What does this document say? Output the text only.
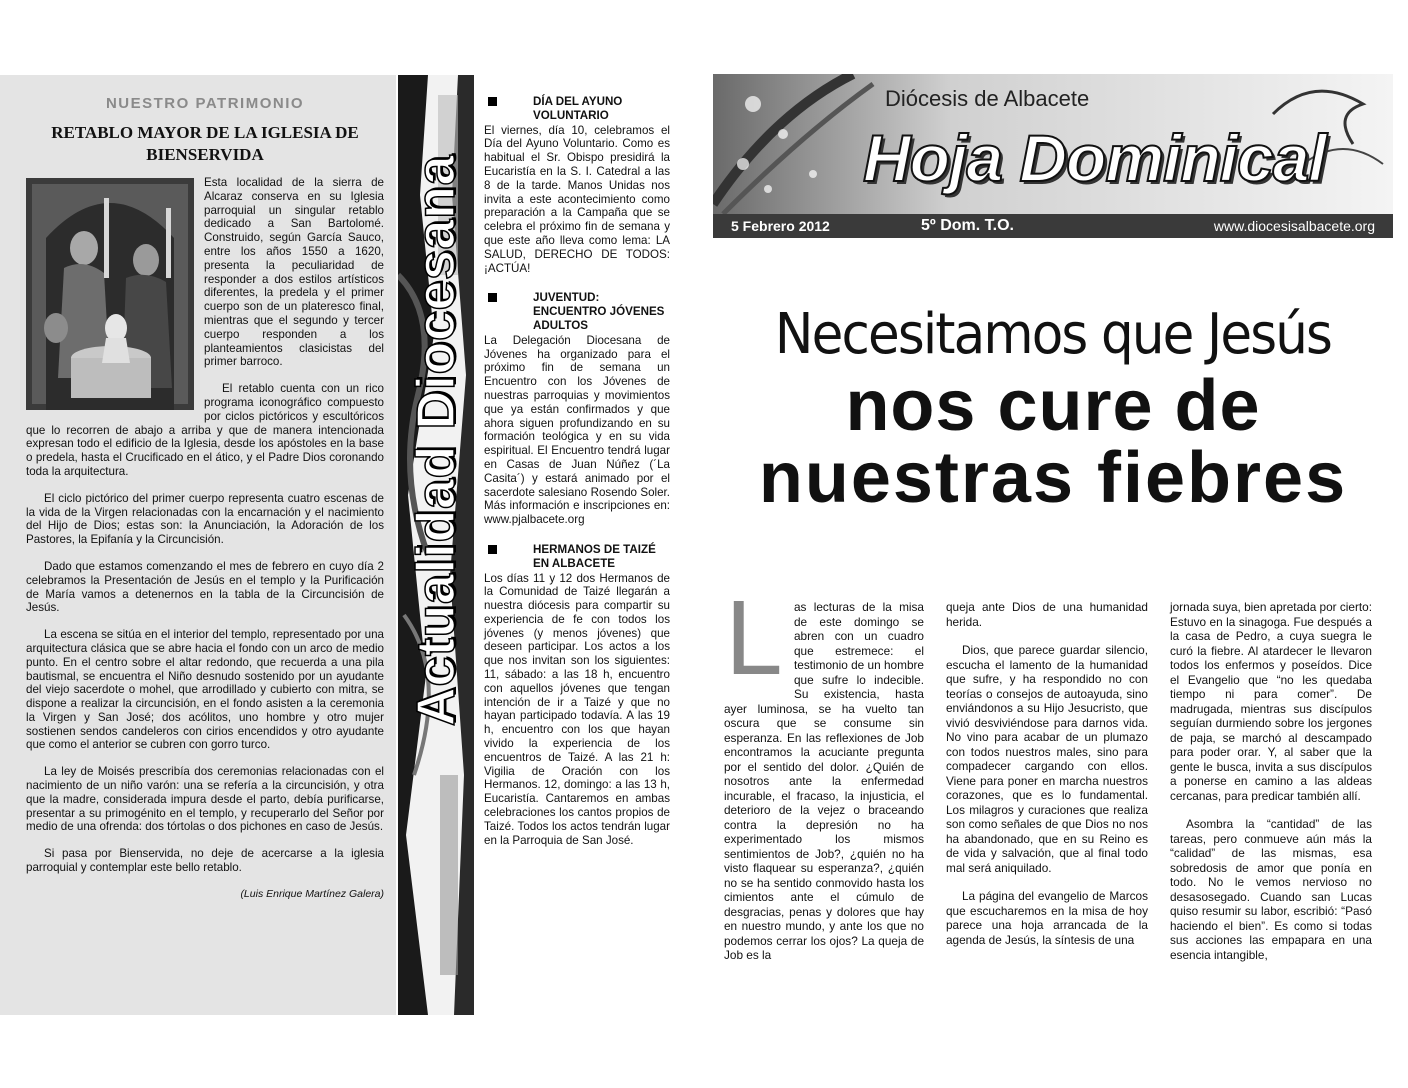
NUESTRO PATRIMONIO
RETABLO MAYOR DE LA IGLESIA DE BIENSERVIDA

Esta localidad de la sierra de Alcaraz conserva en su Iglesia parroquial un singular retablo dedicado a San Bartolomé. Construido, según García Sauco, entre los años 1550 a 1620, presenta la peculiaridad de responder a dos estilos artísticos diferentes, la predela y el primer cuerpo son de un plateresco final, mientras que el segundo y tercer cuerpo responden a los planteamientos clasicistas del primer barroco.

El retablo cuenta con un rico programa iconográfico compuesto por ciclos pictóricos y escultóricos que lo recorren de abajo a arriba y que de manera intencionada expresan todo el edificio de la Iglesia, desde los apóstoles en la base o predela, hasta el Crucificado en el ático, y el Padre Dios coronando toda la arquitectura.

El ciclo pictórico del primer cuerpo representa cuatro escenas de la vida de la Virgen relacionadas con la encarnación y el nacimiento del Hijo de Dios; estas son: la Anunciación, la Adoración de los Pastores, la Epifanía y la Circuncisión.

Dado que estamos comenzando el mes de febrero en cuyo día 2 celebramos la Presentación de Jesús en el templo y la Purificación de María vamos a detenernos en la tabla de la Circuncisión de Jesús.

La escena se sitúa en el interior del templo, representado por una arquitectura clásica que se abre hacia el fondo con un arco de medio punto. En el centro sobre el altar redondo, que recuerda a una pila bautismal, se encuentra el Niño desnudo sostenido por un ayudante del viejo sacerdote o mohel, que arrodillado y cubierto con mitra, se dispone a realizar la circuncisión, en el fondo asisten a la ceremonia la Virgen y San José; dos acólitos, uno hombre y otro mujer sostienen sendos candeleros con cirios encendidos y otro ayudante que como el anterior se cubren con gorro turco.

La ley de Moisés prescribía dos ceremonias relacionadas con el nacimiento de un niño varón: una se refería a la circuncisión, y otra que la madre, considerada impura desde el parto, debía purificarse, presentar a su primogénito en el templo, y recuperarlo del Señor por medio de una ofrenda: dos tórtolas o dos pichones en caso de Jesús.

Si pasa por Bienservida, no deje de acercarse a la iglesia parroquial y contemplar este bello retablo.

(Luis Enrique Martínez Galera)

Actualidad Diocesana
DÍA DEL AYUNO VOLUNTARIO

El viernes, día 10, celebramos el Día del Ayuno Voluntario. Como es habitual el Sr. Obispo presidirá la Eucaristía en la S. I. Catedral a las 8 de la tarde. Manos Unidas nos invita a este acontecimiento como preparación a la Campaña que se celebra el próximo fin de semana y que este año lleva como lema: LA SALUD, DERECHO DE TODOS: ¡ACTÚA!

JUVENTUD: ENCUENTRO JÓVENES ADULTOS

La Delegación Diocesana de Jóvenes ha organizado para el próximo fin de semana un Encuentro con los Jóvenes de nuestras parroquias y movimientos que ya están confirmados y que ahora siguen profundizando en su formación teológica y en su vida espiritual. El Encuentro tendrá lugar en Casas de Juan Núñez (´La Casita´) y estará animado por el sacerdote salesiano Rosendo Soler. Más información e inscripciones en: www.pjalbacete.org

HERMANOS DE TAIZÉ EN ALBACETE

Los días 11 y 12 dos Hermanos de la Comunidad de Taizé llegarán a nuestra diócesis para compartir su experiencia de fe con todos los jóvenes (y menos jóvenes) que deseen participar. Los actos a los que nos invitan son los siguientes: 11, sábado: a las 18 h, encuentro con aquellos jóvenes que tengan intención de ir a Taizé y que no hayan participado todavía. A las 19 h, encuentro con los que hayan vivido la experiencia de los encuentros de Taizé. A las 21 h: Vigilia de Oración con los Hermanos. 12, domingo: a las 13 h, Eucaristía. Cantaremos en ambas celebraciones los cantos propios de Taizé. Todos los actos tendrán lugar en la Parroquia de San José.

Diócesis de Albacete
Hoja Dominical
5 Febrero 2012	5º Dom. T.O.	www.diocesisalbacete.org
Necesitamos que Jesús
nos cure de
nuestras fiebres
L	as lecturas de la misa de este domingo se abren con un cuadro que estremece: el testimonio de un hombre que sufre lo indecible. Su existencia, hasta ayer luminosa, se ha vuelto tan oscura que se consume sin esperanza. En las reflexiones de Job encontramos la acuciante pregunta por el sentido del dolor. ¿Quién de nosotros ante la enfermedad incurable, el fracaso, la injusticia, el deterioro de la vejez o braceando contra la depresión no ha experimentado los mismos sentimientos de Job?, ¿quién no ha visto flaquear su esperanza?, ¿quién no se ha sentido conmovido hasta los cimientos ante el cúmulo de desgracias, penas y dolores que hay en nuestro mundo, y ante los que no podemos cerrar los ojos? La queja de Job es la

queja ante Dios de una humanidad herida.

Dios, que parece guardar silencio, escucha el lamento de la humanidad que sufre, y ha respondido no con teorías o consejos de autoayuda, sino enviándonos a su Hijo Jesucristo, que vivió desviviéndose para darnos vida. No vino para acabar de un plumazo con todos nuestros males, sino para compadecer cargando con ellos. Viene para poner en marcha nuestros corazones, que es lo fundamental. Los milagros y curaciones que realiza son como señales de que Dios no nos ha abandonado, que en su Reino es de vida y salvación, que al final todo mal será aniquilado.

La página del evangelio de Marcos que escucharemos en la misa de hoy parece una hoja arrancada de la agenda de Jesús, la síntesis de una

jornada suya, bien apretada por cierto: Estuvo en la sinagoga. Fue después a la casa de Pedro, a cuya suegra le curó la fiebre. Al atardecer le llevaron todos los enfermos y poseídos. Dice el Evangelio que “no les quedaba tiempo ni para comer”. De madrugada, mientras sus discípulos seguían durmiendo sobre los jergones de paja, se marchó al descampado para poder orar. Y, al saber que la gente le busca, invita a sus discípulos a ponerse en camino a las aldeas cercanas, para predicar también allí.

Asombra la “cantidad” de las tareas, pero conmueve aún más la “calidad” de las mismas, esa sobredosis de amor que ponía en todo. No le vemos nervioso no desasosegado. Cuando san Lucas quiso resumir su labor, escribió: “Pasó haciendo el bien”. Es como si todas sus acciones las empapara en una esencia intangible,
